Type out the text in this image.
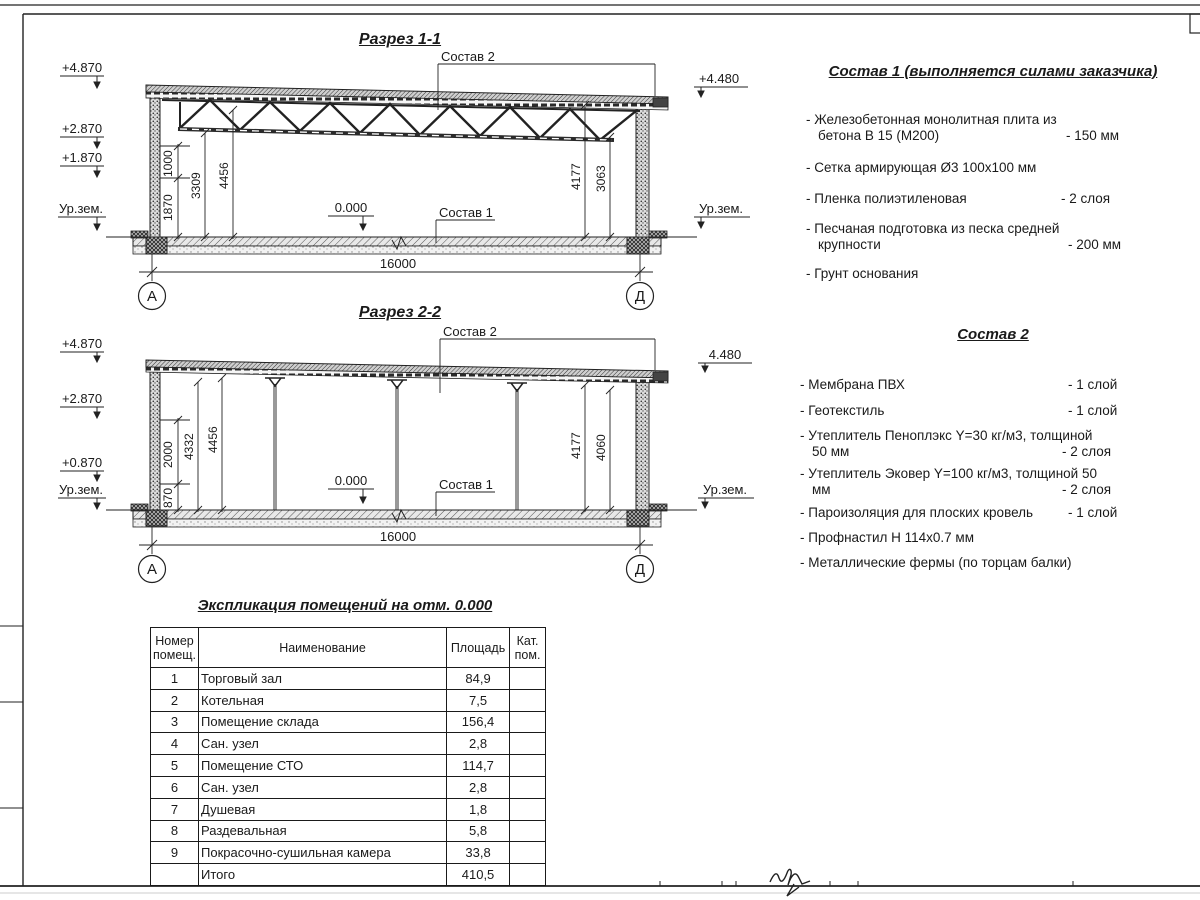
Разрез 1-1
+4.870
+2.870
+1.870
Ур.зем.
+4.480
Ур.зем.
1870
1000
3309 4456	4177 3063
0.000
Состав 2
Состав 1
16000
А	Д
Разрез 2-2
+4.870
+2.870
+0.870
Ур.зем.
4.480
Ур.зем.
870
2000 4332 4456	4177 4060
0.000
Состав 2
Состав 1
16000
А	Д
Состав 1 (выполняется силами заказчика)
- Железобетонная монолитная плита из бетона В 15 (М200)	- 150 мм
- Сетка армирующая Ø3 100х100 мм
- Пленка полиэтиленовая	- 2 слоя
- Песчаная подготовка из песка средней крупности	- 200 мм
- Грунт основания
Состав 2
- Мембрана ПВХ	- 1 слой
- Геотекстиль	- 1 слой
- Утеплитель Пеноплэкс Y=30 кг/м3, толщиной 50 мм	- 2 слоя
- Утеплитель Эковер Y=100 кг/м3, толщиной 50 мм	- 2 слоя
- Пароизоляция для плоских кровель	- 1 слой
- Профнастил Н 114х0.7 мм
- Металлические фермы (по торцам балки)
Экспликация помещений на отм. 0.000
Номер помещ.	Наименование	Площадь	Кат. пом.
1	Торговый зал	84,9	
2	Котельная	7,5	
3	Помещение склада	156,4	
4	Сан. узел	2,8	
5	Помещение СТО	114,7	
6	Сан. узел	2,8	
7	Душевая	1,8	
8	Раздевальная	5,8	
9	Покрасочно-сушильная камера	33,8	
	Итого	410,5	
